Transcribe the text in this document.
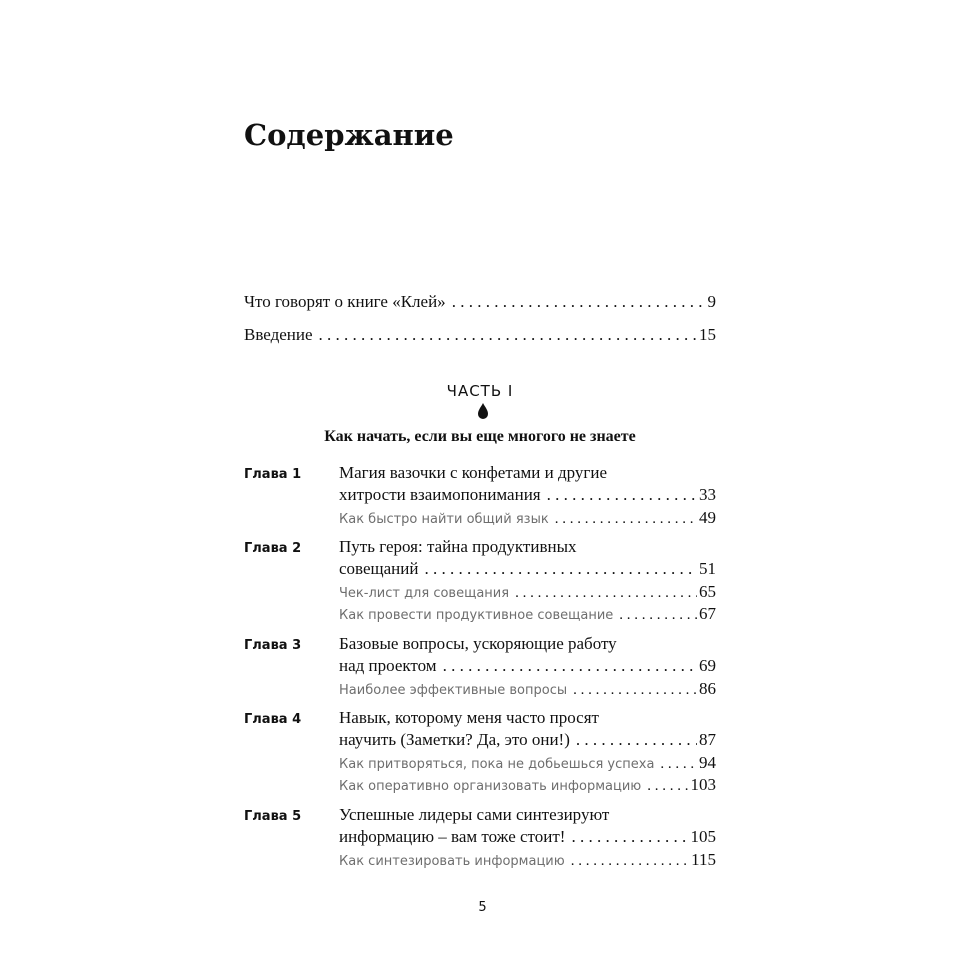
Содержание
Что говорят о книге «Клей» . . .	9
Введение . . .	15
ЧАСТЬ I
Как начать, если вы еще многого не знаете
Глава 1 Магия вазочки с конфетами и другие
хитрости взаимопонимания . . .	33
Как быстро найти общий язык . . .	49
Глава 2 Путь героя: тайна продуктивных
совещаний . . .	51
Чек-лист для совещания . . .	65
Как провести продуктивное совещание . . .	67
Глава 3 Базовые вопросы, ускоряющие работу
над проектом . . .	69
Наиболее эффективные вопросы . . .	86
Глава 4 Навык, которому меня часто просят
научить (Заметки? Да, это они!) . . .	87
Как притворяться, пока не добьешься успеха . . .	94
Как оперативно организовать информацию . . .	103
Глава 5 Успешные лидеры сами синтезируют
информацию – вам тоже стоит! . . .	105
Как синтезировать информацию . . .	115
5
